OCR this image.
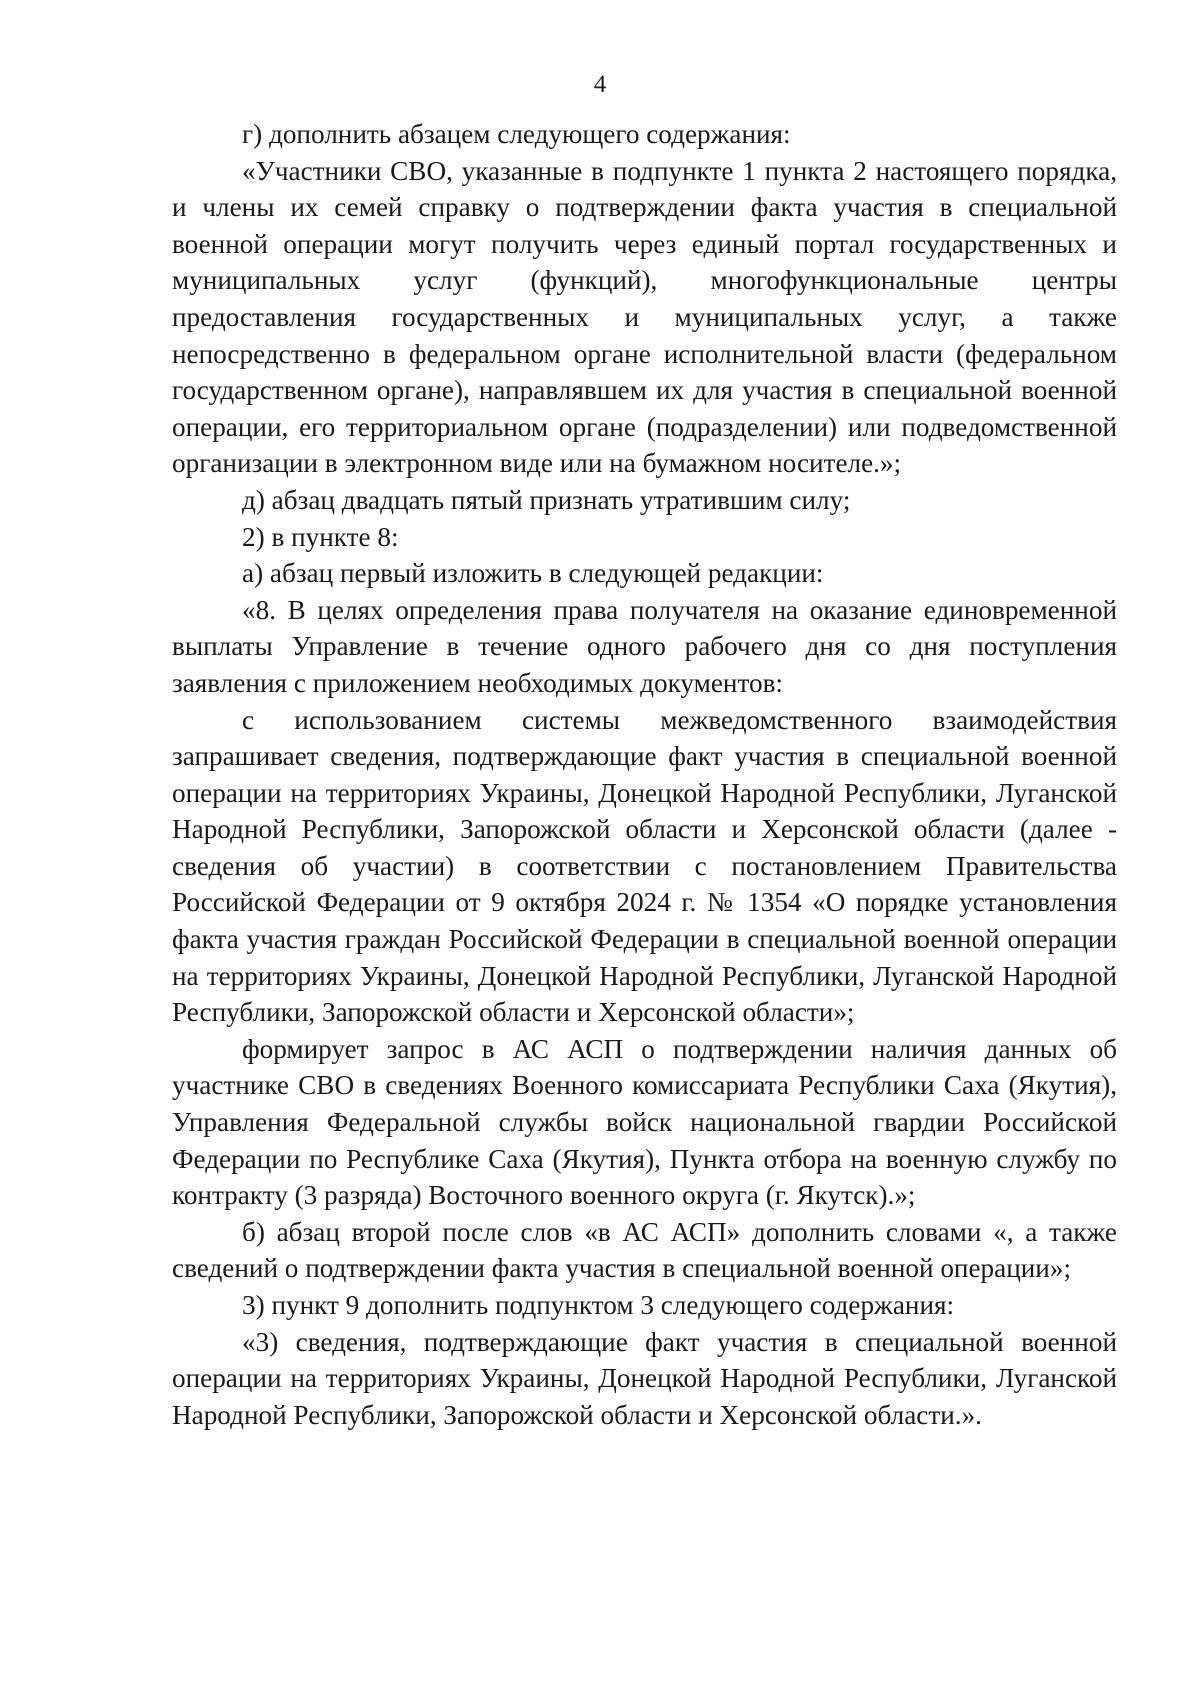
4

г) дополнить абзацем следующего содержания:

«Участники СВО, указанные в подпункте 1 пункта 2 настоящего порядка, и члены их семей справку о подтверждении факта участия в специальной военной операции могут получить через единый портал государственных и муниципальных услуг (функций), многофункциональные центры предоставления государственных и муниципальных услуг, а также непосредственно в федеральном органе исполнительной власти (федеральном государственном органе), направлявшем их для участия в специальной военной операции, его территориальном органе (подразделении) или подведомственной организации в электронном виде или на бумажном носителе.»;

д) абзац двадцать пятый признать утратившим силу;

2) в пункте 8:

а) абзац первый изложить в следующей редакции:

«8. В целях определения права получателя на оказание единовременной выплаты Управление в течение одного рабочего дня со дня поступления заявления с приложением необходимых документов:

с использованием системы межведомственного взаимодействия запрашивает сведения, подтверждающие факт участия в специальной военной операции на территориях Украины, Донецкой Народной Республики, Луганской Народной Республики, Запорожской области и Херсонской области (далее - сведения об участии) в соответствии с постановлением Правительства Российской Федерации от 9 октября 2024 г. № 1354 «О порядке установления факта участия граждан Российской Федерации в специальной военной операции на территориях Украины, Донецкой Народной Республики, Луганской Народной Республики, Запорожской области и Херсонской области»;

формирует запрос в АС АСП о подтверждении наличия данных об участнике СВО в сведениях Военного комиссариата Республики Саха (Якутия), Управления Федеральной службы войск национальной гвардии Российской Федерации по Республике Саха (Якутия), Пункта отбора на военную службу по контракту (3 разряда) Восточного военного округа (г. Якутск).»;

б) абзац второй после слов «в АС АСП» дополнить словами «, а также сведений о подтверждении факта участия в специальной военной операции»;

3) пункт 9 дополнить подпунктом 3 следующего содержания:

«3) сведения, подтверждающие факт участия в специальной военной операции на территориях Украины, Донецкой Народной Республики, Луганской Народной Республики, Запорожской области и Херсонской области.».
